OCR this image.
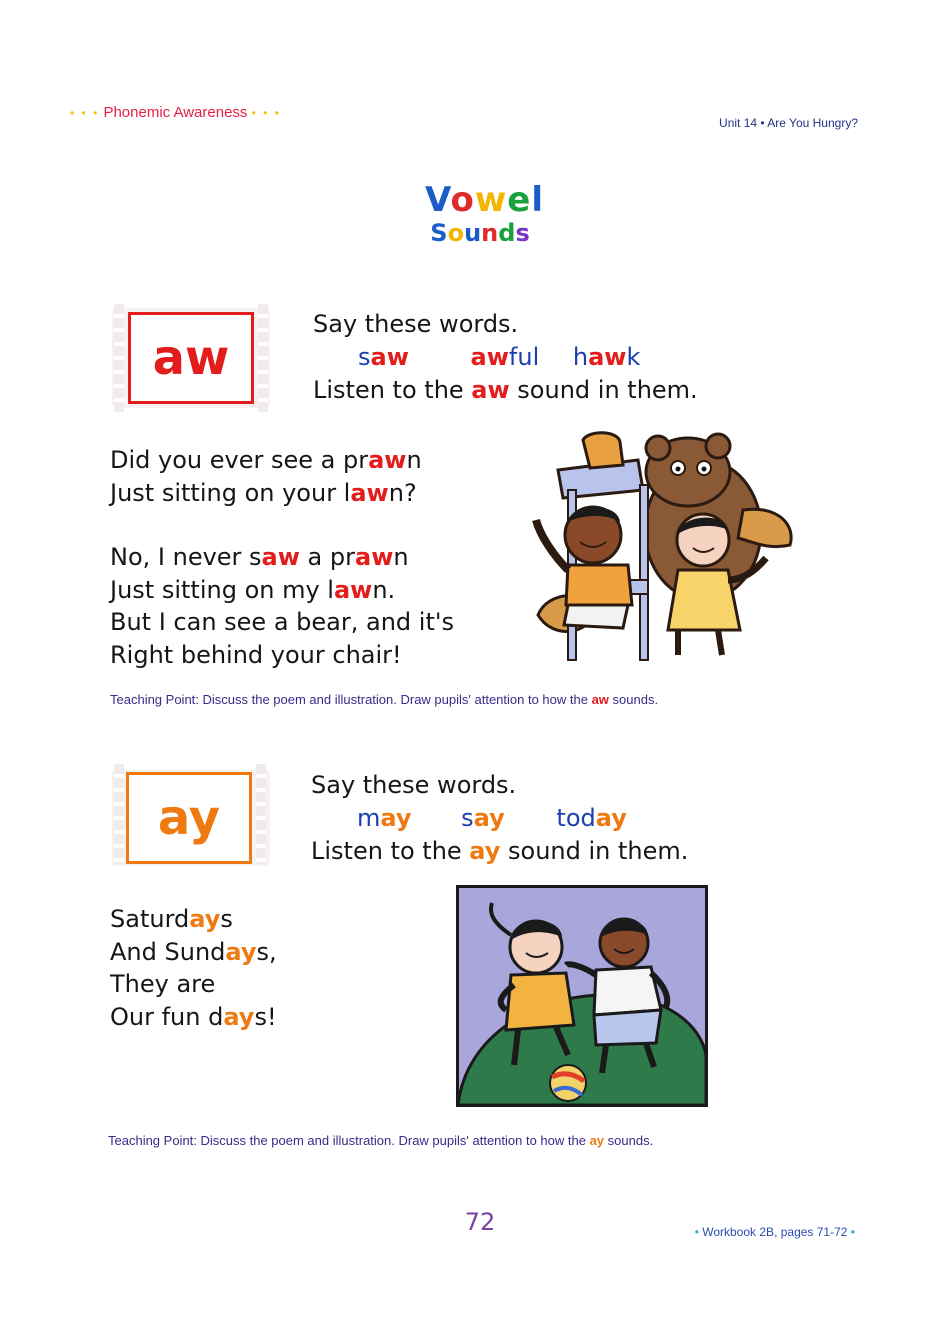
• • • Phonemic Awareness • • •
Unit 14 • Are You Hungry?
Vowel
Sounds
aw
Say these words.
saw	awful hawk
Listen to the aw sound in them.
Did you ever see a prawn
Just sitting on your lawn?
No, I never saw a prawn
Just sitting on my lawn.
But I can see a bear, and it's
Right behind your chair!
Teaching Point: Discuss the poem and illustration. Draw pupils' attention to how the aw sounds.
ay
Say these words.
may say today
Listen to the ay sound in them.
Saturdays
And Sundays,
They are
Our fun days!
Teaching Point: Discuss the poem and illustration. Draw pupils' attention to how the ay sounds.
72	• Workbook 2B, pages 71-72 •
